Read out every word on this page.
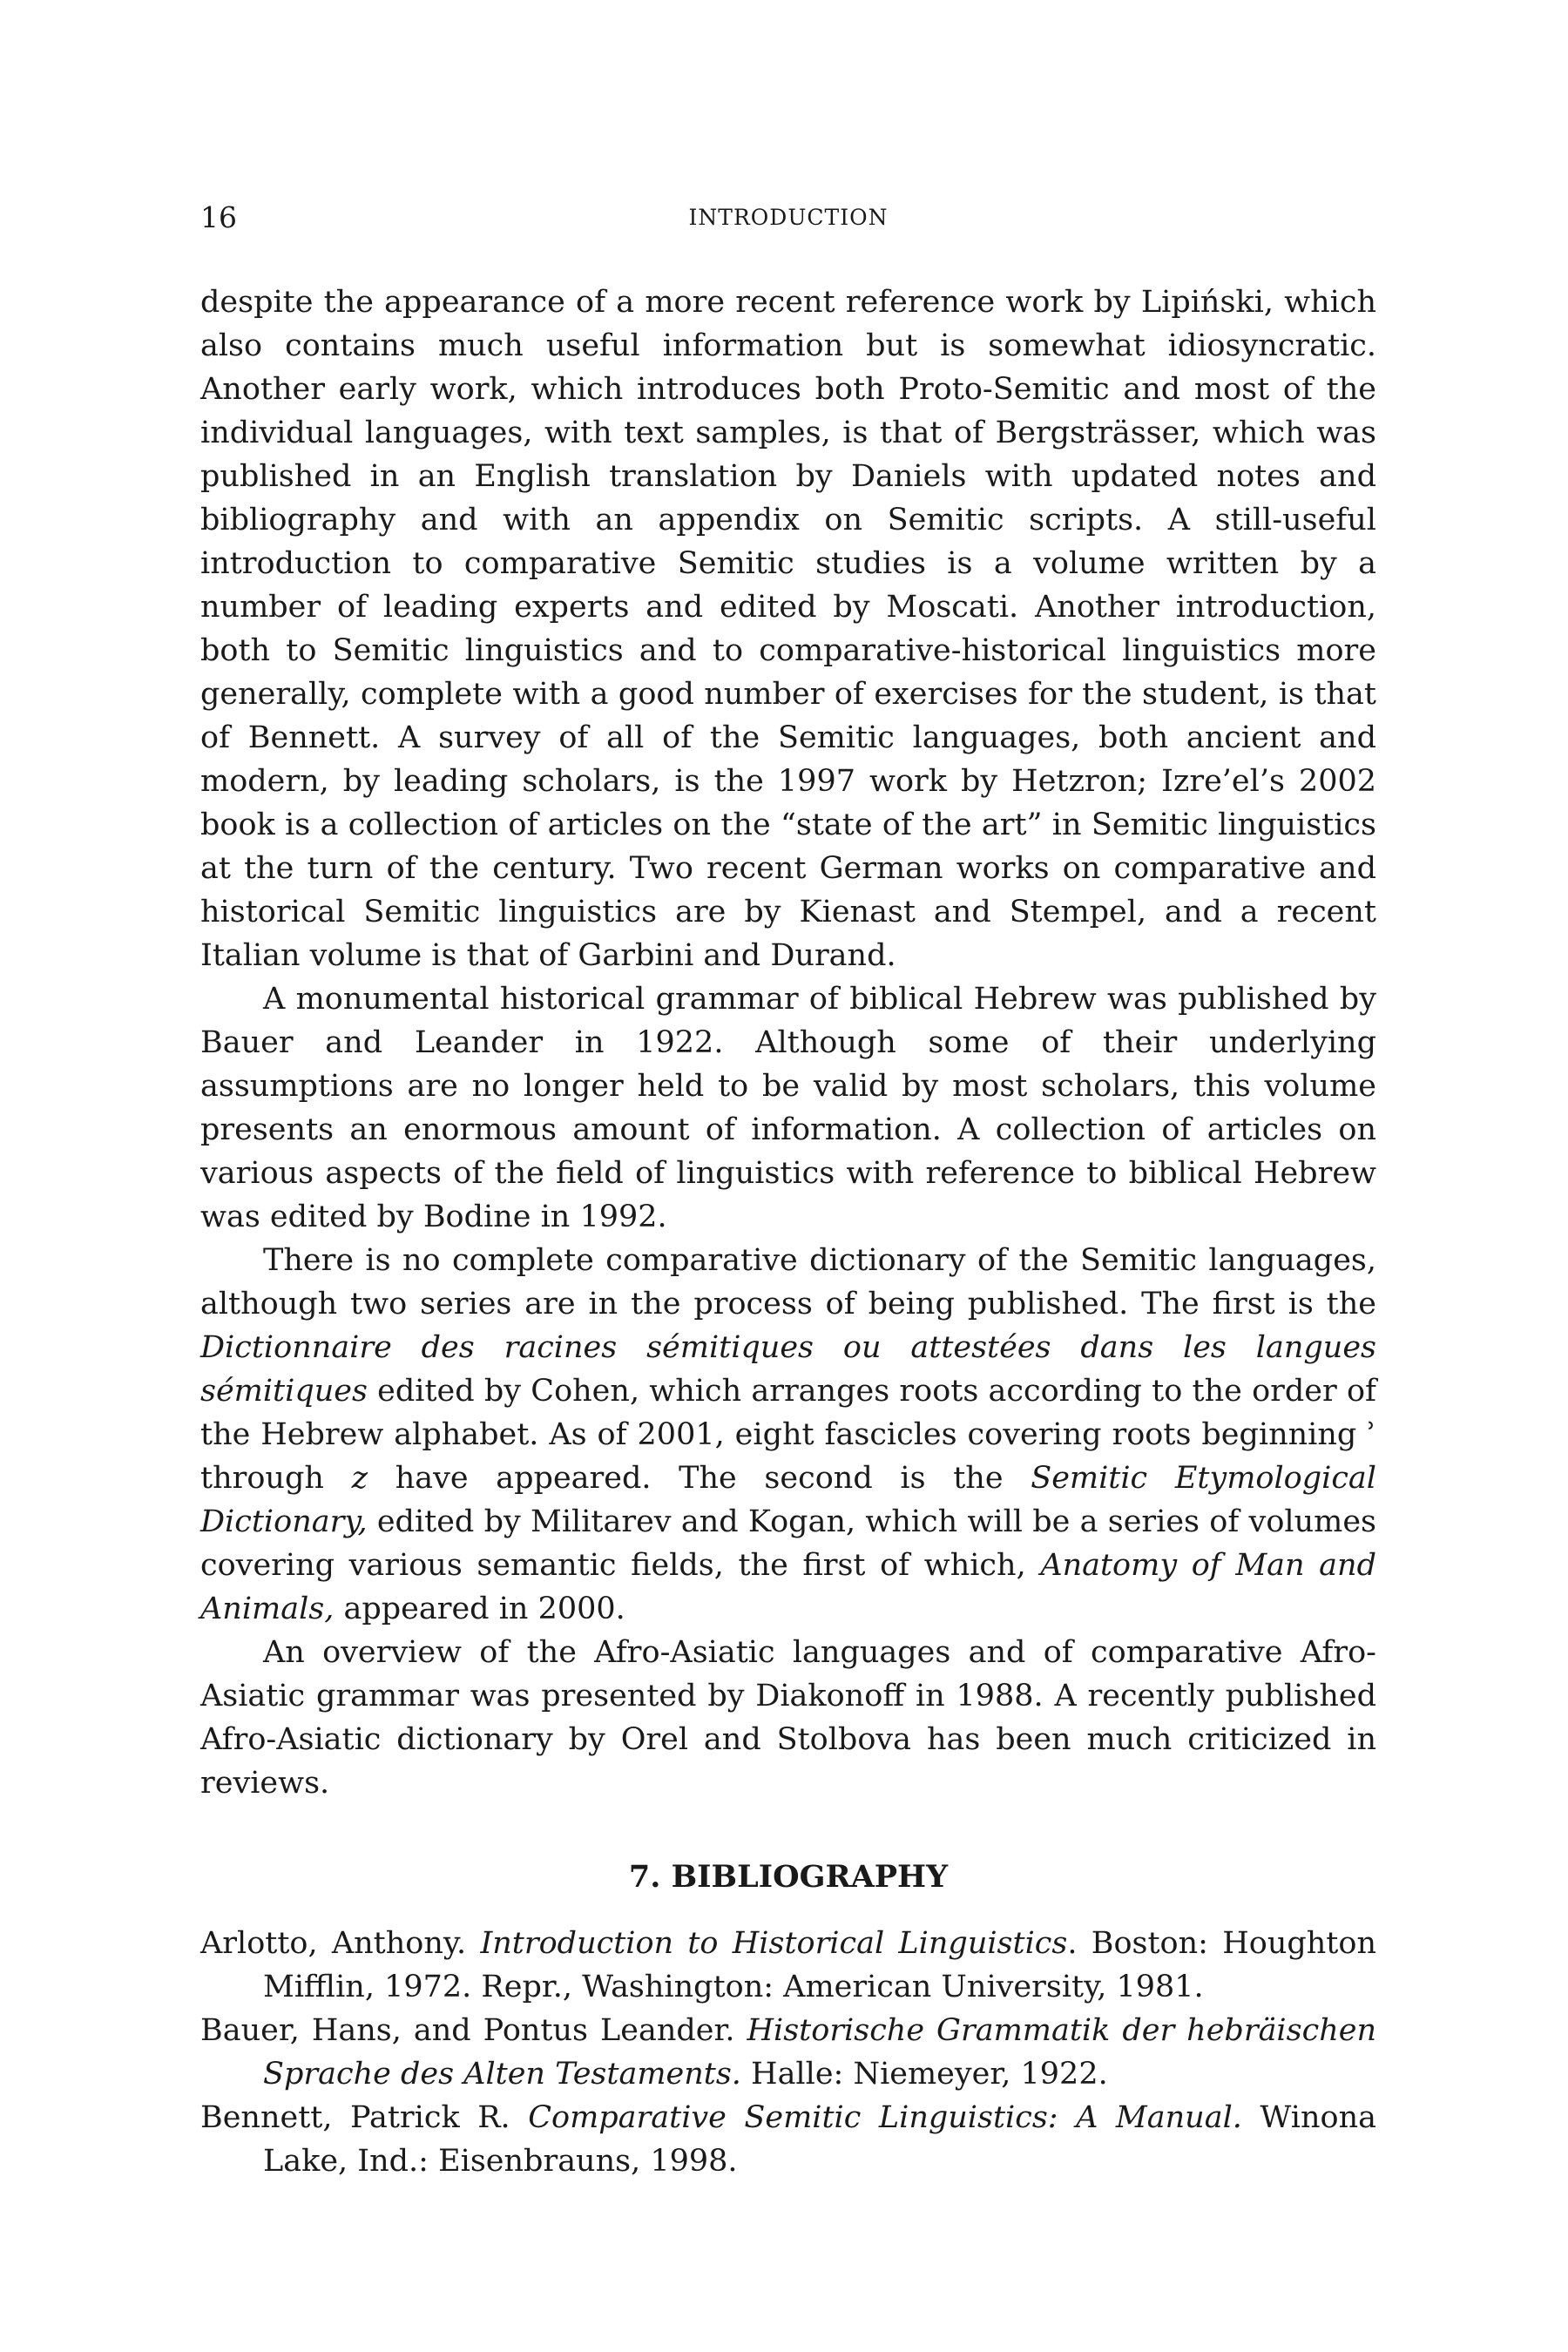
16	INTRODUCTION

despite the appearance of a more recent reference work by Lipiński, which also contains much useful information but is somewhat idiosyncratic. Another early work, which introduces both Proto-Semitic and most of the individual languages, with text samples, is that of Bergsträsser, which was published in an English translation by Daniels with updated notes and bibliography and with an appendix on Semitic scripts. A still-useful introduction to comparative Semitic studies is a volume written by a number of leading experts and edited by Moscati. Another introduction, both to Semitic linguistics and to comparative-historical linguistics more generally, complete with a good number of exercises for the student, is that of Bennett. A survey of all of the Semitic languages, both ancient and modern, by leading scholars, is the 1997 work by Hetzron; Izre’el’s 2002 book is a collection of articles on the “state of the art” in Semitic linguistics at the turn of the century. Two recent German works on comparative and historical Semitic linguistics are by Kienast and Stempel, and a recent Italian volume is that of Garbini and Durand.

A monumental historical grammar of biblical Hebrew was published by Bauer and Leander in 1922. Although some of their underlying assumptions are no longer held to be valid by most scholars, this volume presents an enormous amount of information. A collection of articles on various aspects of the field of linguistics with reference to biblical Hebrew was edited by Bodine in 1992.

There is no complete comparative dictionary of the Semitic languages, although two series are in the process of being published. The first is the Dictionnaire des racines sémitiques ou attestées dans les langues sémitiques edited by Cohen, which arranges roots according to the order of the Hebrew alphabet. As of 2001, eight fascicles covering roots beginning ʾ through z have appeared. The second is the Semitic Etymological Dictionary, edited by Militarev and Kogan, which will be a series of volumes covering various semantic fields, the first of which, Anatomy of Man and Animals, appeared in 2000.

An overview of the Afro-Asiatic languages and of comparative Afro-Asiatic grammar was presented by Diakonoff in 1988. A recently published Afro-Asiatic dictionary by Orel and Stolbova has been much criticized in reviews.

7. BIBLIOGRAPHY

Arlotto, Anthony. Introduction to Historical Linguistics. Boston: Houghton Mifflin, 1972. Repr., Washington: American University, 1981.

Bauer, Hans, and Pontus Leander. Historische Grammatik der hebräischen Sprache des Alten Testaments. Halle: Niemeyer, 1922.

Bennett, Patrick R. Comparative Semitic Linguistics: A Manual. Winona Lake, Ind.: Eisenbrauns, 1998.
